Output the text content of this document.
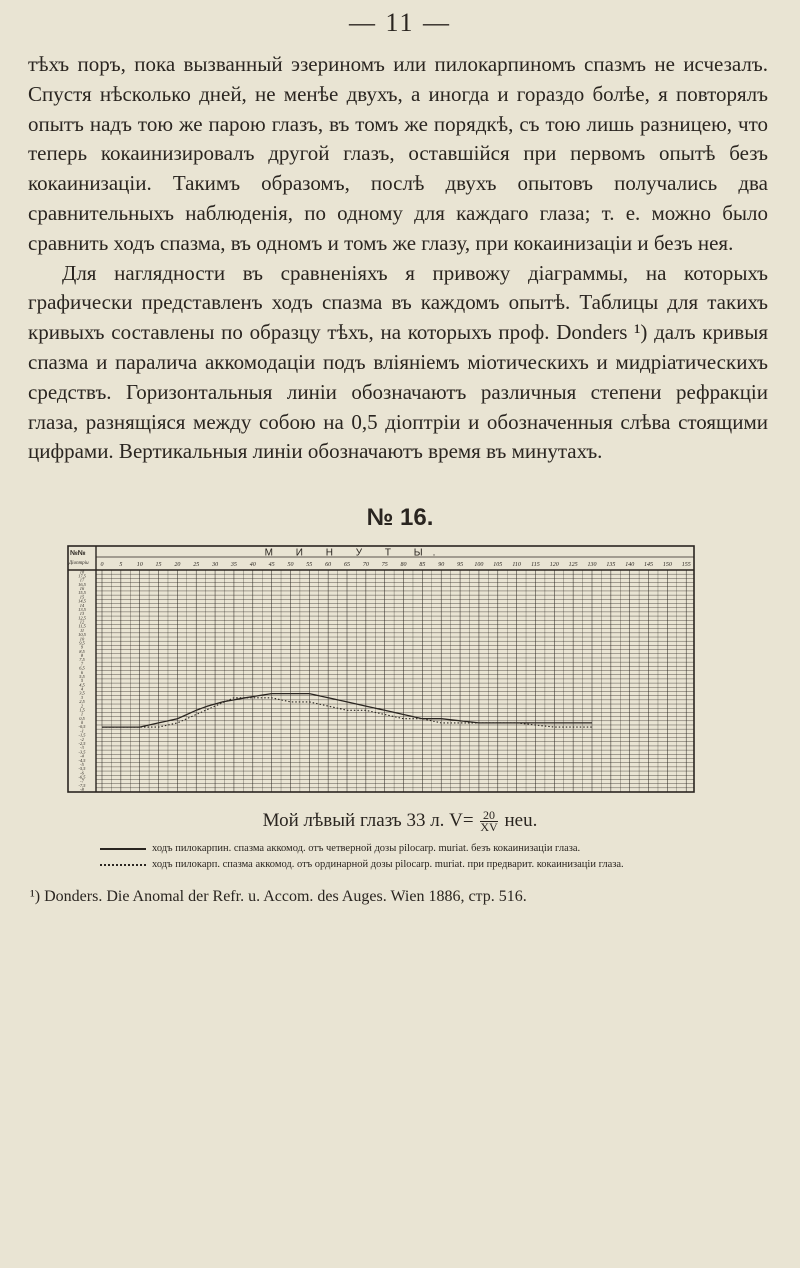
— 11 —

тѣхъ поръ, пока вызванный эзериномъ или пилокарпиномъ спазмъ не исчезалъ. Спустя нѣсколько дней, не менѣе двухъ, а иногда и гораздо болѣе, я повторялъ опытъ надъ тою же парою глазъ, въ томъ же порядкѣ, съ тою лишь разницею, что теперь кокаинизировалъ другой глазъ, оставшійся при первомъ опытѣ безъ кокаинизаціи. Такимъ образомъ, послѣ двухъ опытовъ получались два сравнительныхъ наблюденія, по одному для каждаго глаза; т. е. можно было сравнить ходъ спазма, въ одномъ и томъ же глазу, при кокаинизаціи и безъ нея.

Для наглядности въ сравненіяхъ я привожу діаграммы, на которыхъ графически представленъ ходъ спазма въ каждомъ опытѣ. Таблицы для такихъ кривыхъ составлены по образцу тѣхъ, на которыхъ проф. Donders ¹) далъ кривыя спазма и паралича аккомодаціи подъ вліяніемъ міотическихъ и мидріатическихъ средствъ. Горизонтальныя линіи обозначаютъ различныя степени рефракціи глаза, разнящіяся между собою на 0,5 діоптріи и обозначенныя слѣва стоящими цифрами. Вертикальныя линіи обозначаютъ время въ минутахъ.

№ 16.
№№
Діоптріи
М И Н У Т Ы.
0	5 10 15 20 25 30 35 40 45 50 55 60 65 70 75 80 85 90 95 100 105 110 115 120 125 130 135 140 145 150 155
18
17,5
17
16,5
16
15,5
15
14,5
14
13,5
13
12,5
12
11,5
11
10,5
10
9,5
9
8,5
8
7,5
7
6,5
6
5,5
5
4,5
4
3,5
3
2,5
2
1,5
1
0,5
0
-0,5
-1
-1,5
-2
-2,5
-3
-3,5
-4
-4,5
-5
-5,5
-6
-6,5
-7
-7,5
-8
Мой лѣвый глазъ 33 л. $V= \frac{20}{XV}$ нeu.
ходъ пилокарпин. спазма аккомод. отъ четверной дозы pilocarp. muriat. безъ кокаинизаціи глаза.
ходъ пилокарп. спазма аккомод. отъ ординарной дозы pilocarp. muriat. при предварит. кокаинизаціи глаза.
¹) Donders. Die Anomal der Refr. u. Accom. des Auges. Wien 1886, стр. 516.
